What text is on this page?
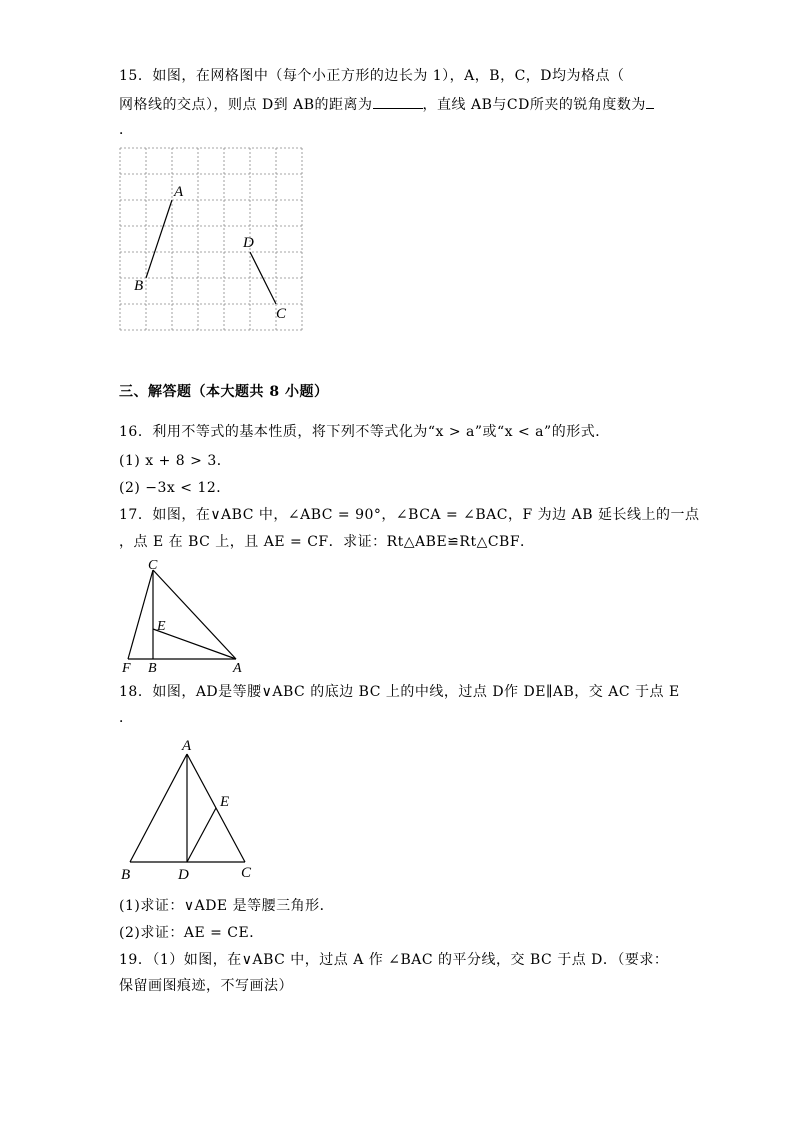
15．如图，在网格图中（每个小正方形的边长为 1），A，B，C，D均为格点（
网格线的交点），则点 D到 AB的距离为	，直线 AB与CD所夹的锐角度数为
．
A
B
D
C
三、解答题（本大题共 8 小题）
16．利用不等式的基本性质，将下列不等式化为“x > a”或“x < a”的形式．
(1) x + 8 > 3．
(2) −3x < 12．
17．如图，在∨ABC 中，∠ABC = 90°，∠BCA = ∠BAC，F 为边 AB 延长线上的一点
，点 E 在 BC 上，且 AE = CF．求证：Rt△ABE≌Rt△CBF．
C
E
F B	A
18．如图，AD是等腰∨ABC 的底边 BC 上的中线，过点 D作 DE∥AB，交 AC 于点 E
．
A
E
B	D	C
(1)求证：∨ADE 是等腰三角形．
(2)求证：AE = CE．
19．（1）如图，在∨ABC 中，过点 A 作 ∠BAC 的平分线，交 BC 于点 D．（要求：
保留画图痕迹，不写画法）
